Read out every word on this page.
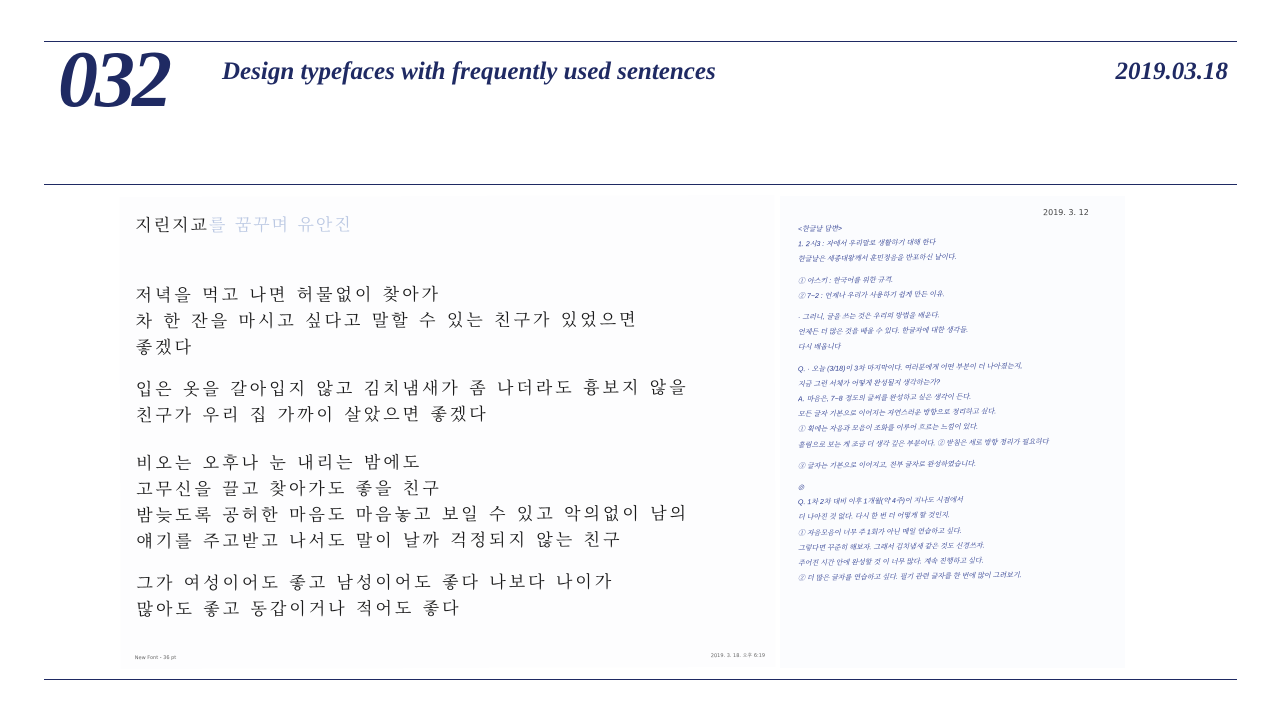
032 Design typefaces with frequently used sentences	2019.03.18
지린지교를 꿈꾸며 유안진
저녁을 먹고 나면 허물없이 찾아가
차 한 잔을 마시고 싶다고 말할 수 있는 친구가 있었으면
좋겠다
입은 옷을 갈아입지 않고 김치냄새가 좀 나더라도 흉보지 않을
친구가 우리 집 가까이 살았으면 좋겠다
비오는 오후나 눈 내리는 밤에도
고무신을 끌고 찾아가도 좋을 친구
밤늦도록 공허한 마음도 마음놓고 보일 수 있고 악의없이 남의
얘기를 주고받고 나서도 말이 날까 걱정되지 않는 친구
그가 여성이어도 좋고 남성이어도 좋다 나보다 나이가
많아도 좋고 동갑이거나 적어도 좋다
New Font - 36 pt	2019. 3. 18. 오후 6:19
2019. 3. 12
<한글날 답변>
1. 2시3 : 자에서 우리말로 생활하기 대해 한다
한글날은 세종대왕께서 훈민정음을 반포하신 날이다.
① 아스키 : 한국어를 위한 규격.
② 7~2 : 언제나 우리가 사용하기 쉽게 만든 이유.
· 그러니, 글을 쓰는 것은 우리의 방법을 배운다.
언제든 더 많은 것을 배울 수 있다. 한글자에 대한 생각들.
다시 배웁니다
Q. · 오늘 (3/18)이 3차 마지막이다. 여러분에게 어떤 부분이 더 나아졌는지,
지금 그런 서체가 어떻게 완성될지 생각하는가?
A. 마음은, 7~8 정도의 글씨를 완성하고 싶은 생각이 든다.
모든 글자 기본으로 이어지는 자연스러운 방향으로 정리하고 싶다.
① 획에는 자음과 모음이 조화를 이루어 흐르는 느낌이 있다.
흘림으로 보는 게 조금 더 생각 깊은 부분이다. ② 받침은 세로 방향 정리가 필요하다
③ 글자는 기본으로 이어지고, 전부 글자로 완성하였습니다.
◎
Q. 1차 2차 대비 이후 1개월(약 4주)이 지나도 시점에서
더 나아진 것 없다. 다시 한 번 더 어떻게 할 것인지.
① 자음모음이 너무 주 1회가 아닌 매일 연습하고 싶다.
그렇다면 꾸준히 해보자. 그래서 김치냄새 같은 것도 신경쓰자.
주어진 시간 안에 완성할 것 이 너무 많다. 계속 진행하고 싶다.
② 더 많은 글자를 연습하고 싶다. 필기 관련 글자를 한 번에 많이 그려보기.
